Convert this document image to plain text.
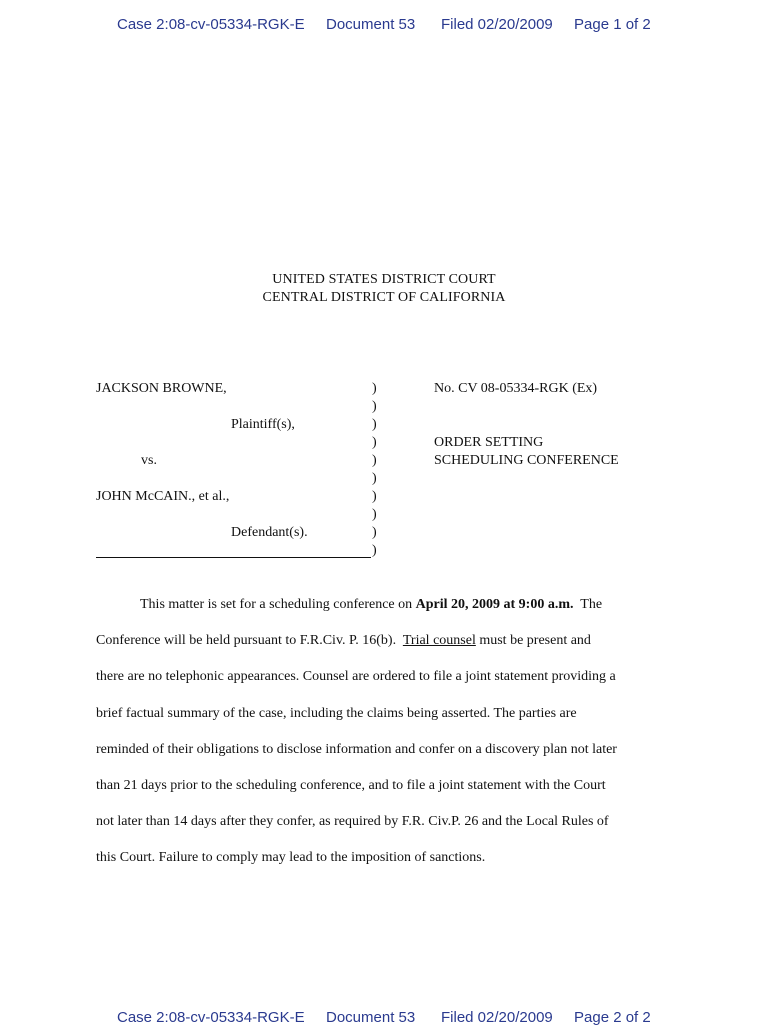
Case 2:08-cv-05334-RGK-E Document 53 Filed 02/20/2009 Page 1 of 2
UNITED STATES DISTRICT COURT
CENTRAL DISTRICT OF CALIFORNIA
JACKSON BROWNE,
Plaintiff(s),
vs.
JOHN McCAIN., et al.,
Defendant(s).
)
)
)
)
)
)
)
)
)
)
No. CV 08-05334-RGK (Ex)
ORDER SETTING
SCHEDULING CONFERENCE
This matter is set for a scheduling conference on April 20, 2009 at 9:00 a.m.  The
Conference will be held pursuant to F.R.Civ. P. 16(b).  Trial counsel must be present and
there are no telephonic appearances. Counsel are ordered to file a joint statement providing a
brief factual summary of the case, including the claims being asserted. The parties are
reminded of their obligations to disclose information and confer on a discovery plan not later
than 21 days prior to the scheduling conference, and to file a joint statement with the Court
not later than 14 days after they confer, as required by F.R. Civ.P. 26 and the Local Rules of
this Court. Failure to comply may lead to the imposition of sanctions.
Case 2:08-cv-05334-RGK-E Document 53 Filed 02/20/2009 Page 2 of 2
